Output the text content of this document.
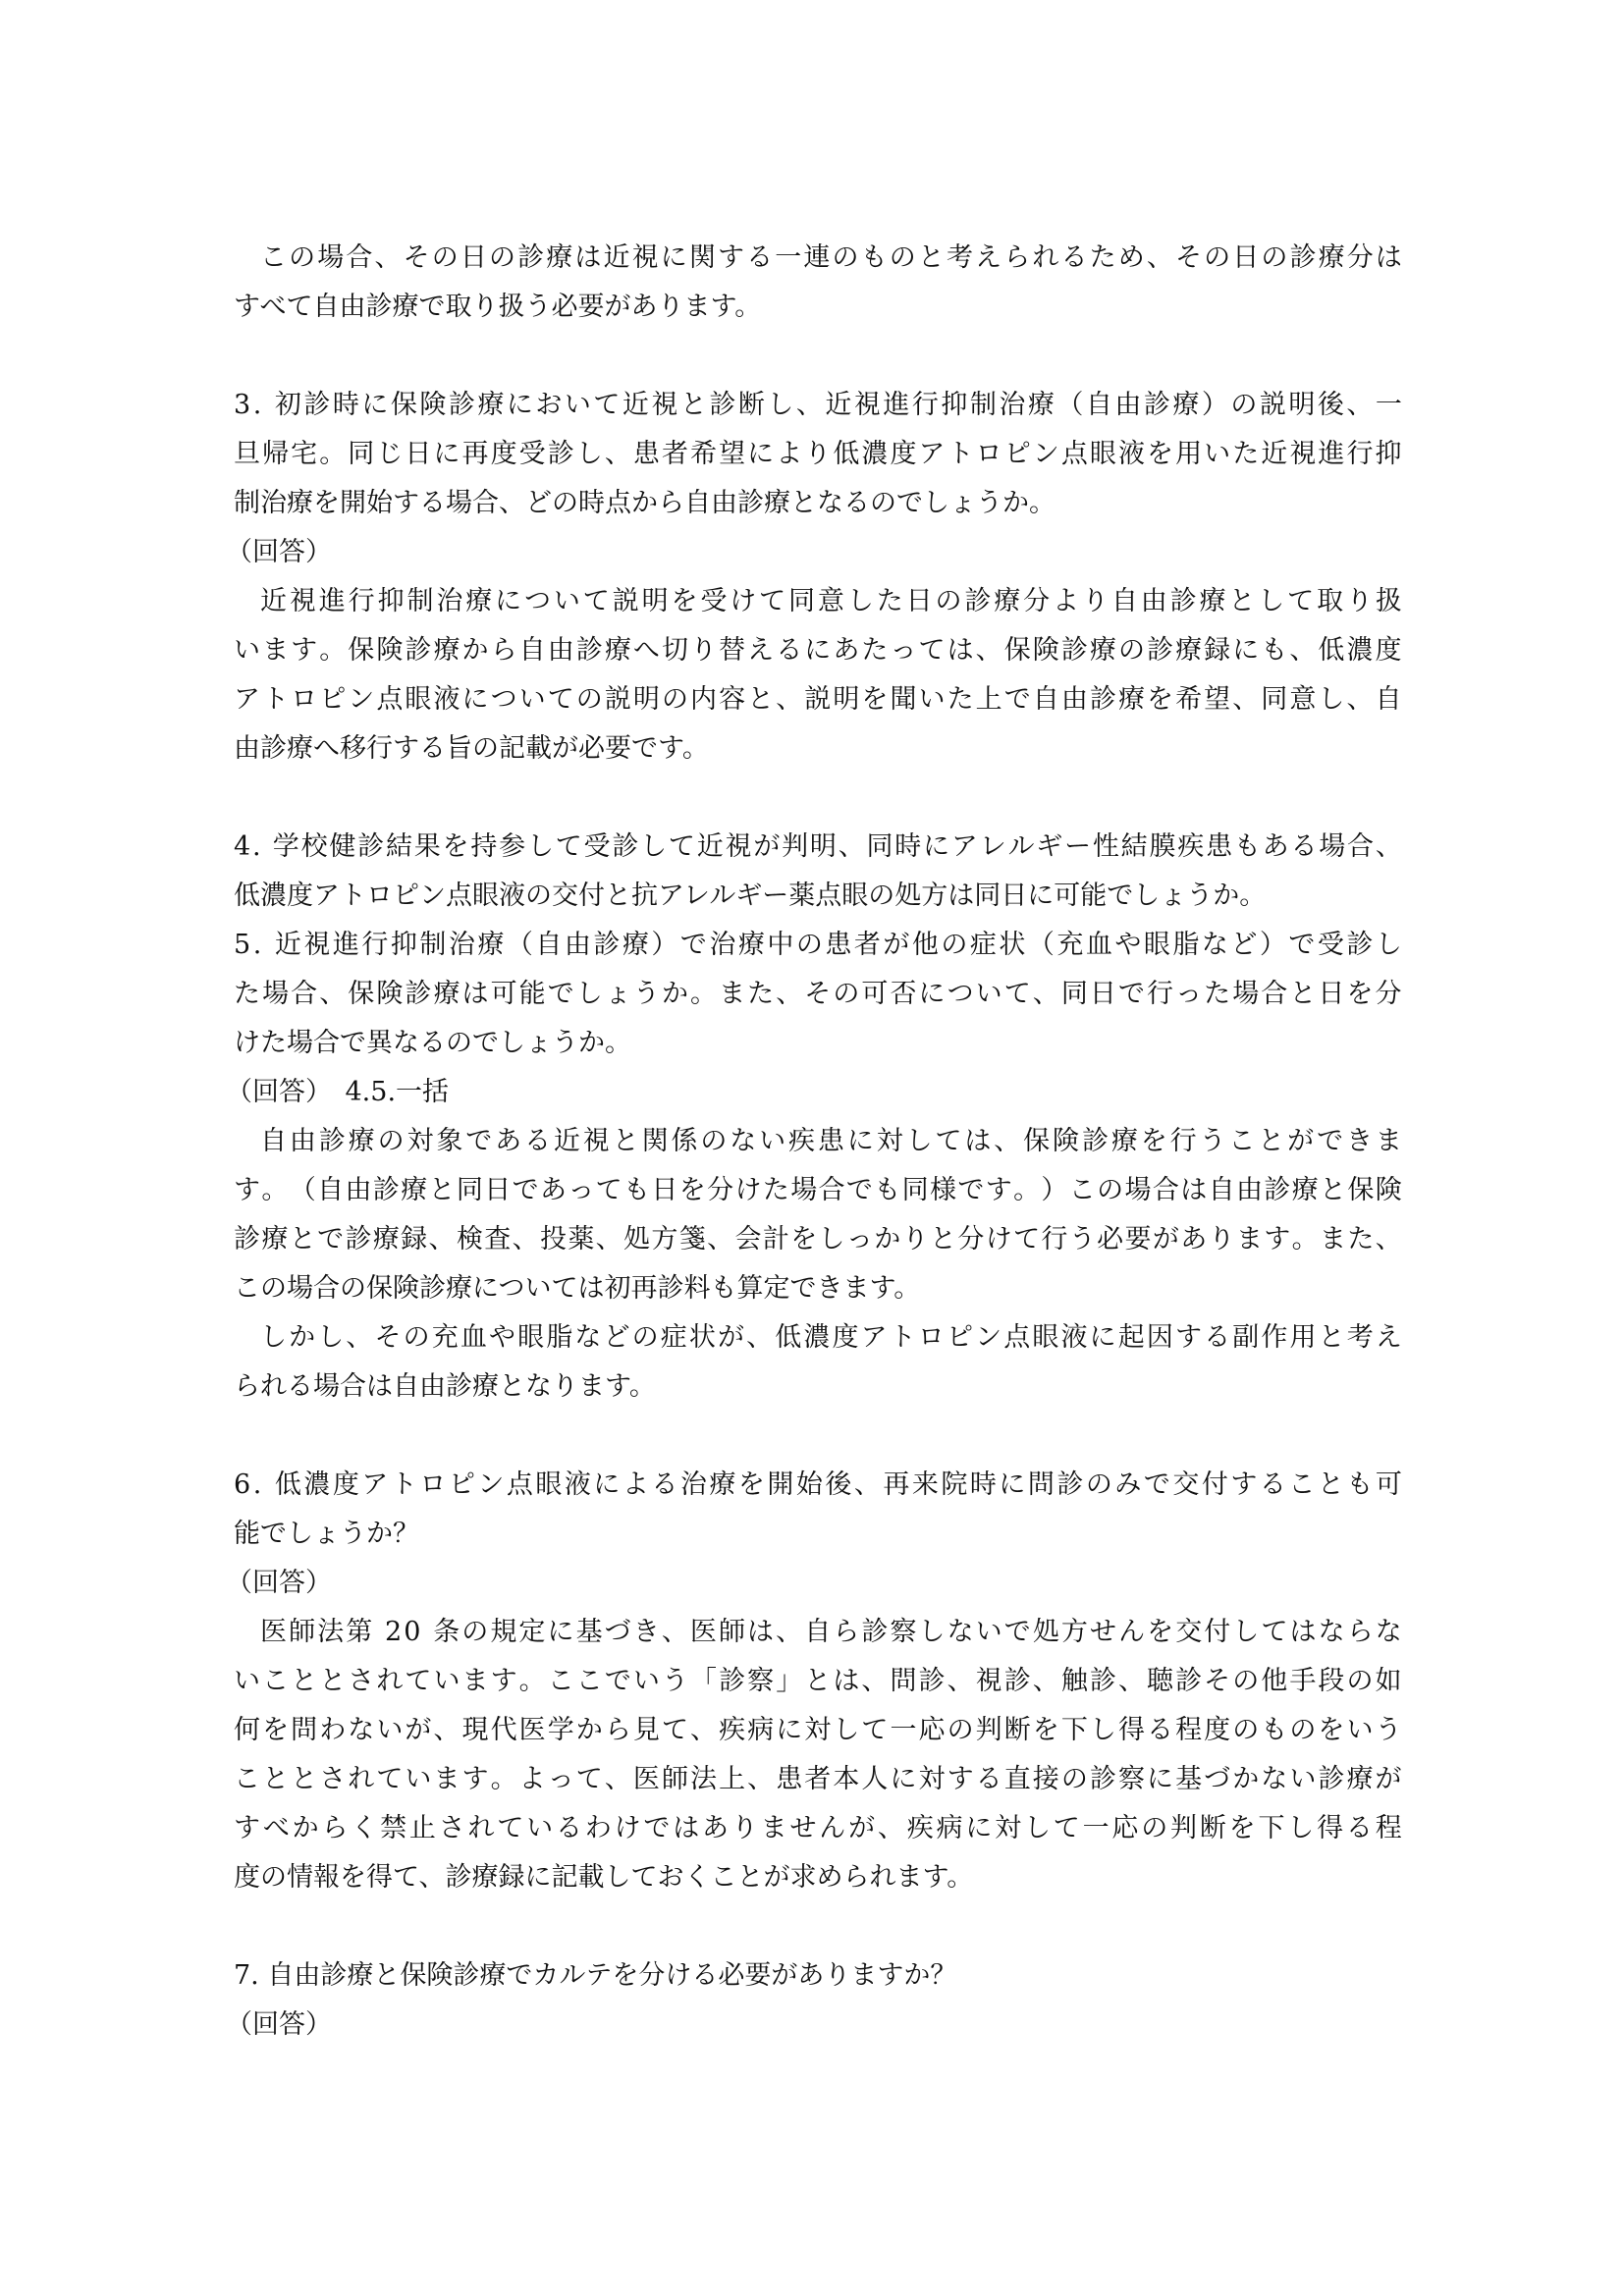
こ の 場 合 、 そ の 日 の 診 療 は 近 視 に 関 す る 一 連 の も の と 考 え ら れ る た め 、 そ の 日 の 診 療 分 は
すべて自由診療で取り扱う必要があります。
3 .
初 診 時 に 保 険 診 療 に お い て 近 視 と 診 断 し 、 近 視 進 行 抑 制 治 療 （ 自 由 診 療 ） の 説 明 後 、 一
旦 帰 宅 。 同 じ 日 に 再 度 受 診 し 、 患 者 希 望 に よ り 低 濃 度 ア ト ロ ピ ン 点 眼 液 を 用 い た 近 視 進 行 抑
制治療を開始する場合、どの時点から自由診療となるのでしょうか。
（回答）
近 視 進 行 抑 制 治 療 に つ い て 説 明 を 受 け て 同 意 し た 日 の 診 療 分 よ り 自 由 診 療 と し て 取 り 扱
い ま す 。 保 険 診 療 か ら 自 由 診 療 へ 切 り 替 え る に あ た っ て は 、 保 険 診 療 の 診 療 録 に も 、 低 濃 度
ア ト ロ ピ ン 点 眼 液 に つ い て の 説 明 の 内 容 と 、 説 明 を 聞 い た 上 で 自 由 診 療 を 希 望 、 同 意 し 、 自
由診療へ移行する旨の記載が必要です。
4 .
学 校 健 診 結 果 を 持 参 し て 受 診 し て 近 視 が 判 明 、 同 時 に ア レ ル ギ ー 性 結 膜 疾 患 も あ る 場 合 、
低濃度アトロピン点眼液の交付と抗アレルギー薬点眼の処方は同日に可能でしょうか。
5 .
近 視 進 行 抑 制 治 療 （ 自 由 診 療 ） で 治 療 中 の 患 者 が 他 の 症 状 （ 充 血 や 眼 脂 な ど ） で 受 診 し
た 場 合 、 保 険 診 療 は 可 能 で し ょ う か 。 ま た 、 そ の 可 否 に つ い て 、 同 日 で 行 っ た 場 合 と 日 を 分
けた場合で異なるのでしょうか。
（回答）　4.5.一括
自 由 診 療 の 対 象 で あ る 近 視 と 関 係 の な い 疾 患 に 対 し て は 、 保 険 診 療 を 行 う こ と が で き ま
す 。 （ 自 由 診 療 と 同 日 で あ っ て も 日 を 分 け た 場 合 で も 同 様 で す 。 ） こ の 場 合 は 自 由 診 療 と 保 険
診 療 と で 診 療 録 、 検 査 、 投 薬 、 処 方 箋 、 会 計 を し っ か り と 分 け て 行 う 必 要 が あ り ま す 。 ま た 、
この場合の保険診療については初再診料も算定できます。
し か し 、 そ の 充 血 や 眼 脂 な ど の 症 状 が 、 低 濃 度 ア ト ロ ピ ン 点 眼 液 に 起 因 す る 副 作 用 と 考 え
られる場合は自由診療となります。
6 .
低 濃 度 ア ト ロ ピ ン 点 眼 液 に よ る 治 療 を 開 始 後 、 再 来 院 時 に 問 診 の み で 交 付 す る こ と も 可
能でしょうか？
（回答）
医 師 法 第
2 0
条 の 規 定 に 基 づ き 、 医 師 は 、 自 ら 診 察 し な い で 処 方 せ ん を 交 付 し て は な ら な
い こ と と さ れ て い ま す 。 こ こ で い う 「 診 察 」 と は 、 問 診 、 視 診 、 触 診 、 聴 診 そ の 他 手 段 の 如
何 を 問 わ な い が 、 現 代 医 学 か ら 見 て 、 疾 病 に 対 し て 一 応 の 判 断 を 下 し 得 る 程 度 の も の を い う
こ と と さ れ て い ま す 。 よ っ て 、 医 師 法 上 、 患 者 本 人 に 対 す る 直 接 の 診 察 に 基 づ か な い 診 療 が
す べ か ら く 禁 止 さ れ て い る わ け で は あ り ま せ ん が 、 疾 病 に 対 し て 一 応 の 判 断 を 下 し 得 る 程
度の情報を得て、診療録に記載しておくことが求められます。
7. 自由診療と保険診療でカルテを分ける必要がありますか？
（回答）
